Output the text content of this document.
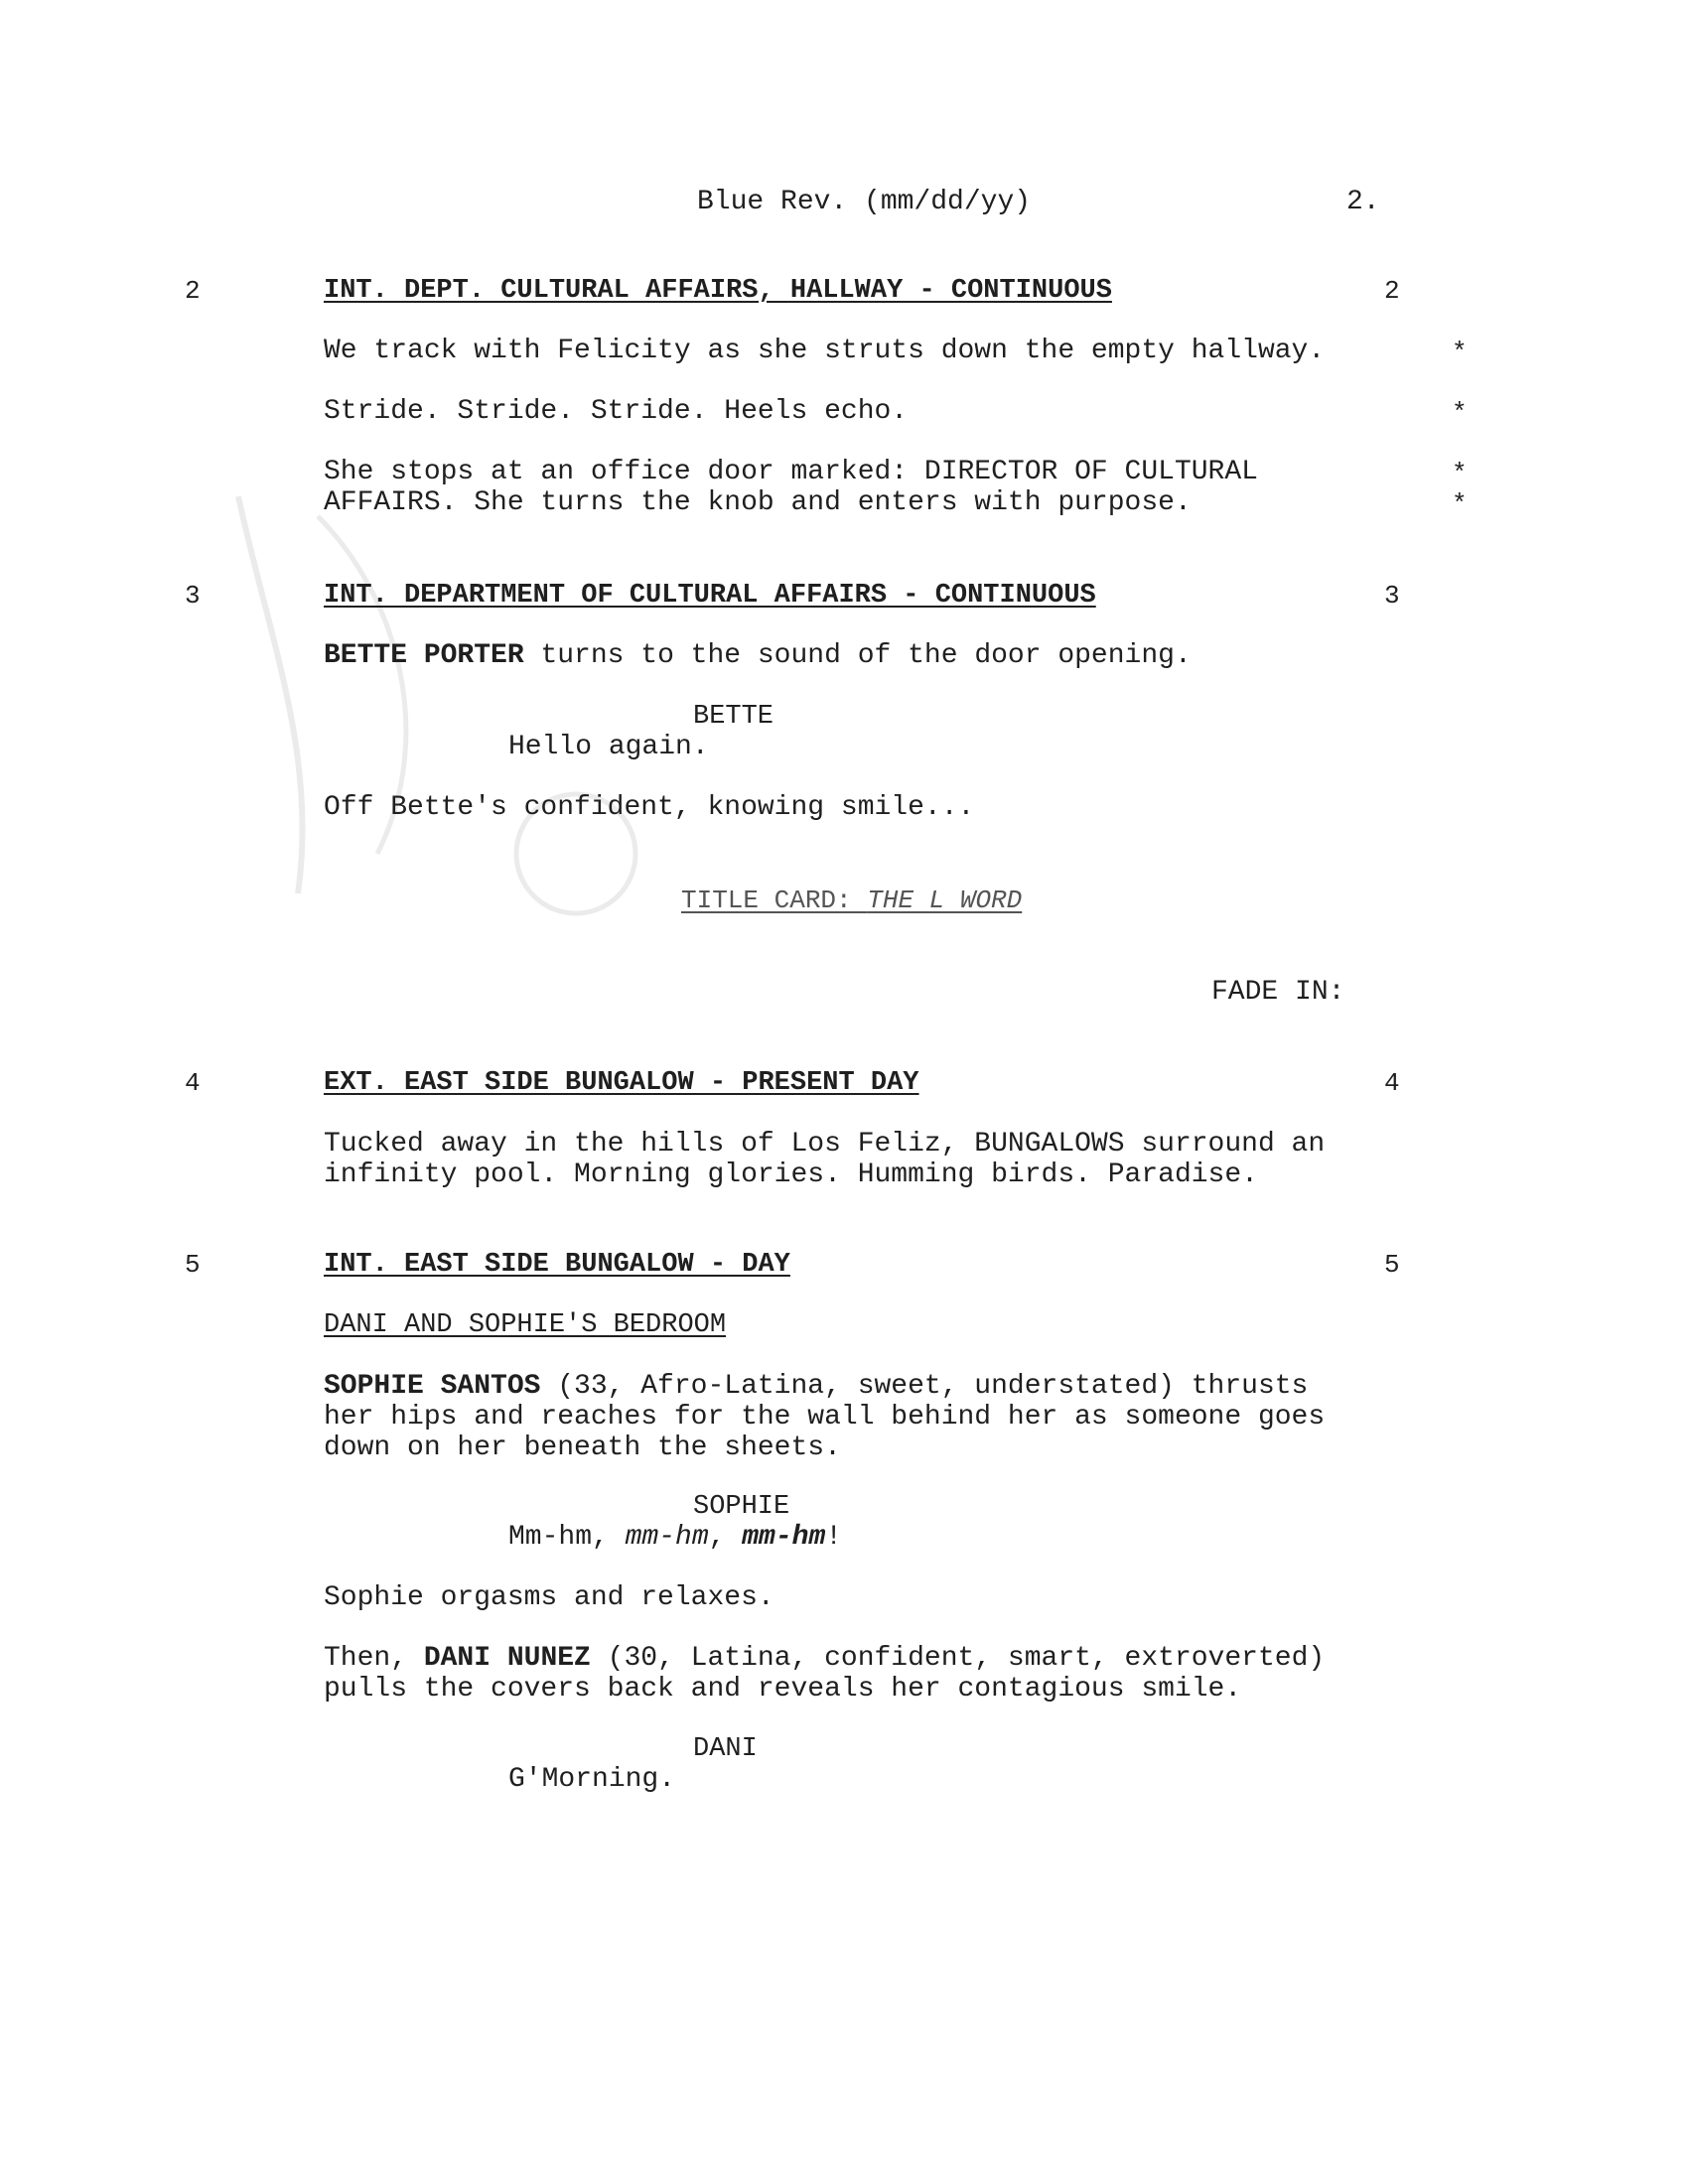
Blue Rev. (mm/dd/yy)	2.
2	INT. DEPT. CULTURAL AFFAIRS, HALLWAY - CONTINUOUS	2
We track with Felicity as she struts down the empty hallway.	*
Stride. Stride. Stride. Heels echo.	*
She stops at an office door marked: DIRECTOR OF CULTURAL	*
AFFAIRS. She turns the knob and enters with purpose.	*
3	INT. DEPARTMENT OF CULTURAL AFFAIRS - CONTINUOUS	3
BETTE PORTER turns to the sound of the door opening.
BETTE
Hello again.
Off Bette's confident, knowing smile...
TITLE CARD: THE L WORD
FADE IN:
4	EXT. EAST SIDE BUNGALOW - PRESENT DAY	4
Tucked away in the hills of Los Feliz, BUNGALOWS surround an
infinity pool. Morning glories. Humming birds. Paradise.
5	INT. EAST SIDE BUNGALOW - DAY	5
DANI AND SOPHIE'S BEDROOM
SOPHIE SANTOS (33, Afro-Latina, sweet, understated) thrusts
her hips and reaches for the wall behind her as someone goes
down on her beneath the sheets.
SOPHIE
Mm-hm, mm-hm, mm-hm!
Sophie orgasms and relaxes.
Then, DANI NUNEZ (30, Latina, confident, smart, extroverted)
pulls the covers back and reveals her contagious smile.
DANI
G'Morning.
